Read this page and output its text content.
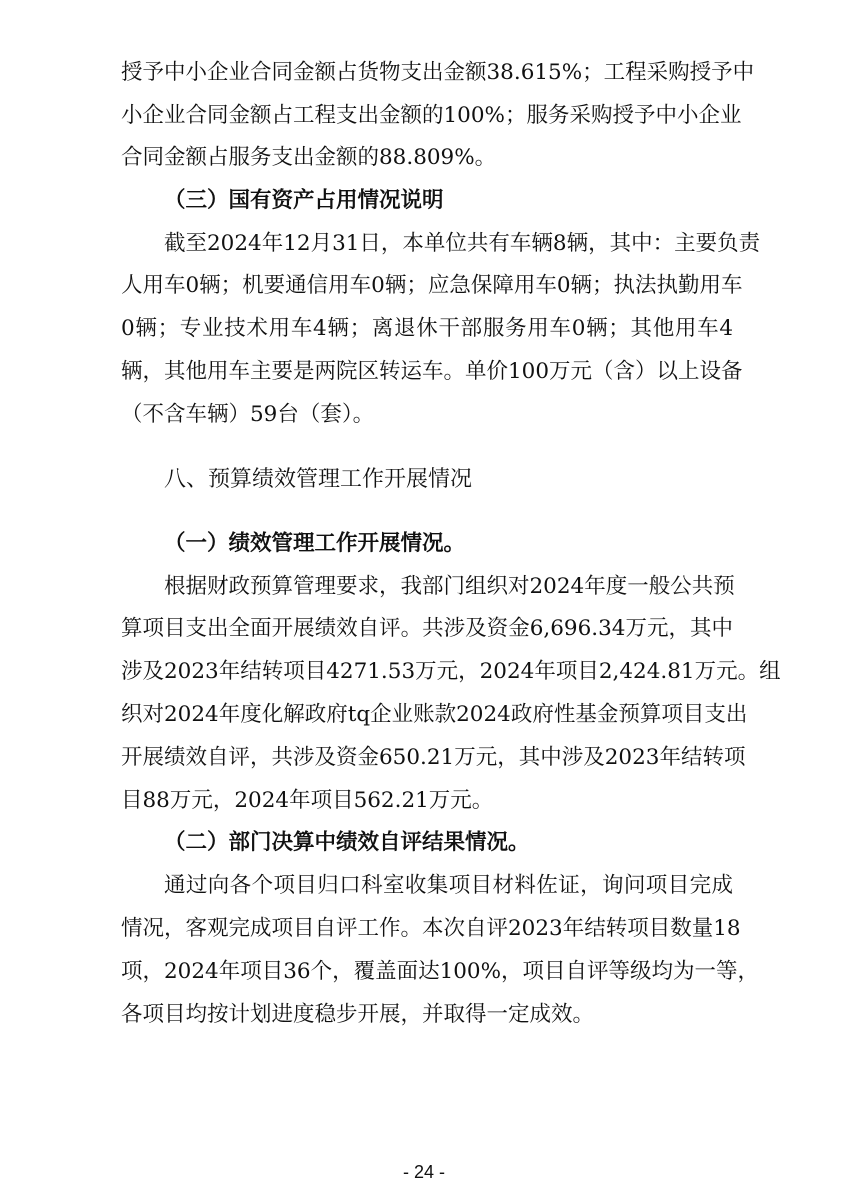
授予中小企业合同金额占货物支出金额38.615%；工程采购授予中
小企业合同金额占工程支出金额的100%；服务采购授予中小企业
合同金额占服务支出金额的88.809%。
（三）国有资产占用情况说明
截至2024年12月31日，本单位共有车辆8辆，其中：主要负责
人用车0辆；机要通信用车0辆；应急保障用车0辆；执法执勤用车
0辆；专业技术用车4辆；离退休干部服务用车0辆；其他用车4
辆，其他用车主要是两院区转运车。单价100万元（含）以上设备
（不含车辆）59台（套）。
八、预算绩效管理工作开展情况
（一）绩效管理工作开展情况。
根据财政预算管理要求，我部门组织对2024年度一般公共预
算项目支出全面开展绩效自评。共涉及资金6,696.34万元，其中
涉及2023年结转项目4271.53万元，2024年项目2,424.81万元。组
织对2024年度化解政府tq企业账款2024政府性基金预算项目支出
开展绩效自评，共涉及资金650.21万元，其中涉及2023年结转项
目88万元，2024年项目562.21万元。
（二）部门决算中绩效自评结果情况。
通过向各个项目归口科室收集项目材料佐证，询问项目完成
情况，客观完成项目自评工作。本次自评2023年结转项目数量18
项，2024年项目36个，覆盖面达100%，项目自评等级均为一等，
各项目均按计划进度稳步开展，并取得一定成效。
- 24 -
